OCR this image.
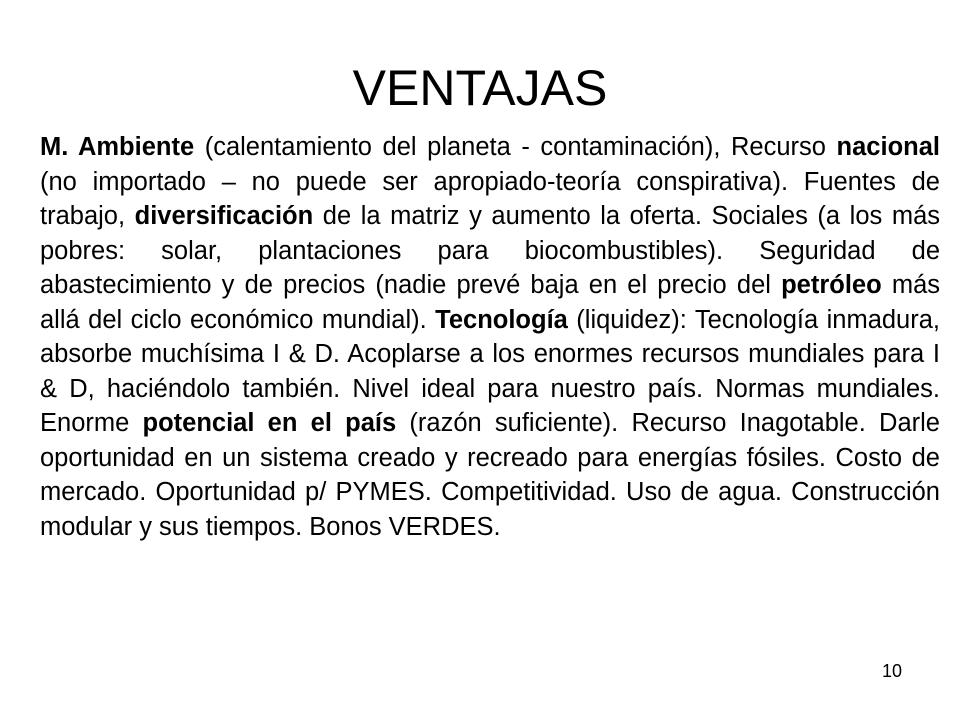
VENTAJAS

M. Ambiente (calentamiento del planeta - contaminación), Recurso nacional (no importado – no puede ser apropiado-teoría conspirativa). Fuentes de trabajo, diversificación de la matriz y aumento la oferta. Sociales (a los más pobres: solar, plantaciones para biocombustibles). Seguridad de abastecimiento y de precios (nadie prevé baja en el precio del petróleo más allá del ciclo económico mundial). Tecnología (liquidez): Tecnología inmadura, absorbe muchísima I & D. Acoplarse a los enormes recursos mundiales para I & D, haciéndolo también. Nivel ideal para nuestro país. Normas mundiales. Enorme potencial en el país (razón suficiente). Recurso Inagotable. Darle oportunidad en un sistema creado y recreado para energías fósiles. Costo de mercado. Oportunidad p/ PYMES. Competitividad. Uso de agua. Construcción modular y sus tiempos. Bonos VERDES.

10
